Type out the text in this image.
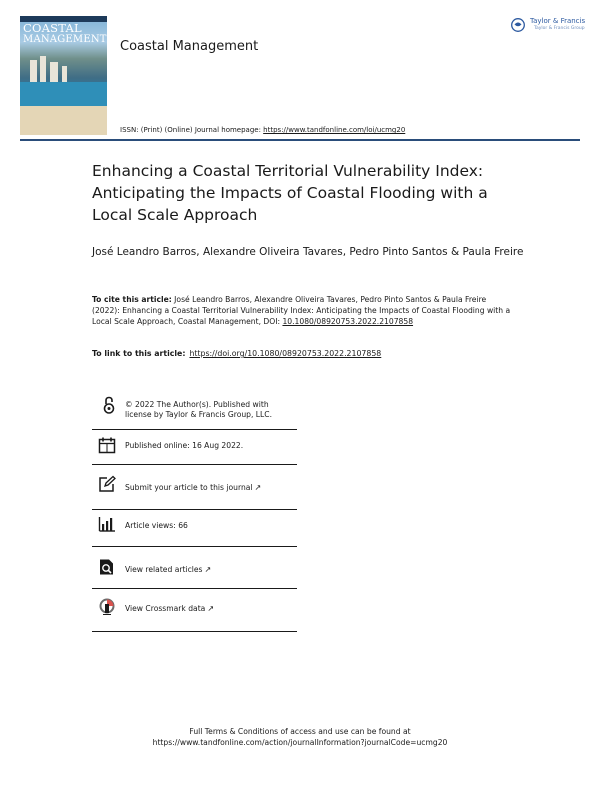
COASTAL
MANAGEMENT
Taylor & Francis
Taylor & Francis Group
Coastal Management
ISSN: (Print) (Online) Journal homepage: https://www.tandfonline.com/loi/ucmg20
Enhancing a Coastal Territorial Vulnerability Index: Anticipating the Impacts of Coastal Flooding with a Local Scale Approach
José Leandro Barros, Alexandre Oliveira Tavares, Pedro Pinto Santos & Paula Freire
To cite this article: José Leandro Barros, Alexandre Oliveira Tavares, Pedro Pinto Santos & Paula Freire (2022): Enhancing a Coastal Territorial Vulnerability Index: Anticipating the Impacts of Coastal Flooding with a Local Scale Approach, Coastal Management, DOI: 10.1080/08920753.2022.2107858
To link to this article: https://doi.org/10.1080/08920753.2022.2107858
© 2022 The Author(s). Published with
license by Taylor & Francis Group, LLC.
Published online: 16 Aug 2022.
Submit your article to this journal ↗
Article views: 66
View related articles ↗
View Crossmark data ↗
Full Terms & Conditions of access and use can be found at
https://www.tandfonline.com/action/journalInformation?journalCode=ucmg20
